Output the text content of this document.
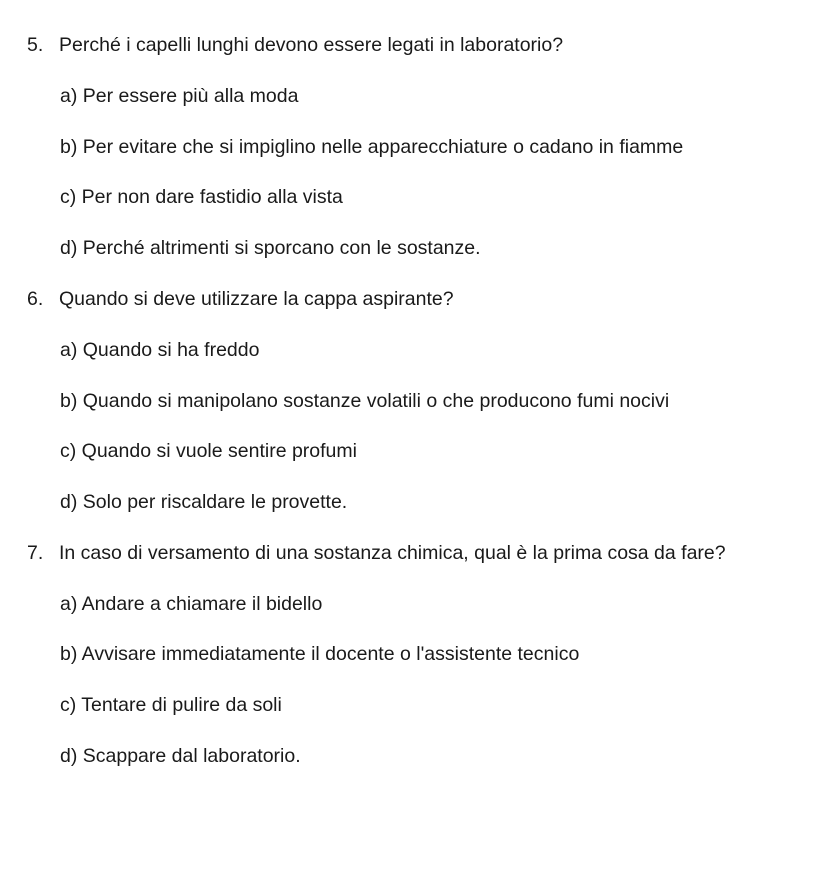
5. Perché i capelli lunghi devono essere legati in laboratorio?
a) Per essere più alla moda
b) Per evitare che si impiglino nelle apparecchiature o cadano in fiamme
c) Per non dare fastidio alla vista
d) Perché altrimenti si sporcano con le sostanze.
6. Quando si deve utilizzare la cappa aspirante?
a) Quando si ha freddo
b) Quando si manipolano sostanze volatili o che producono fumi nocivi
c) Quando si vuole sentire profumi
d) Solo per riscaldare le provette.
7. In caso di versamento di una sostanza chimica, qual è la prima cosa da fare?
a) Andare a chiamare il bidello
b) Avvisare immediatamente il docente o l'assistente tecnico
c) Tentare di pulire da soli
d) Scappare dal laboratorio.
